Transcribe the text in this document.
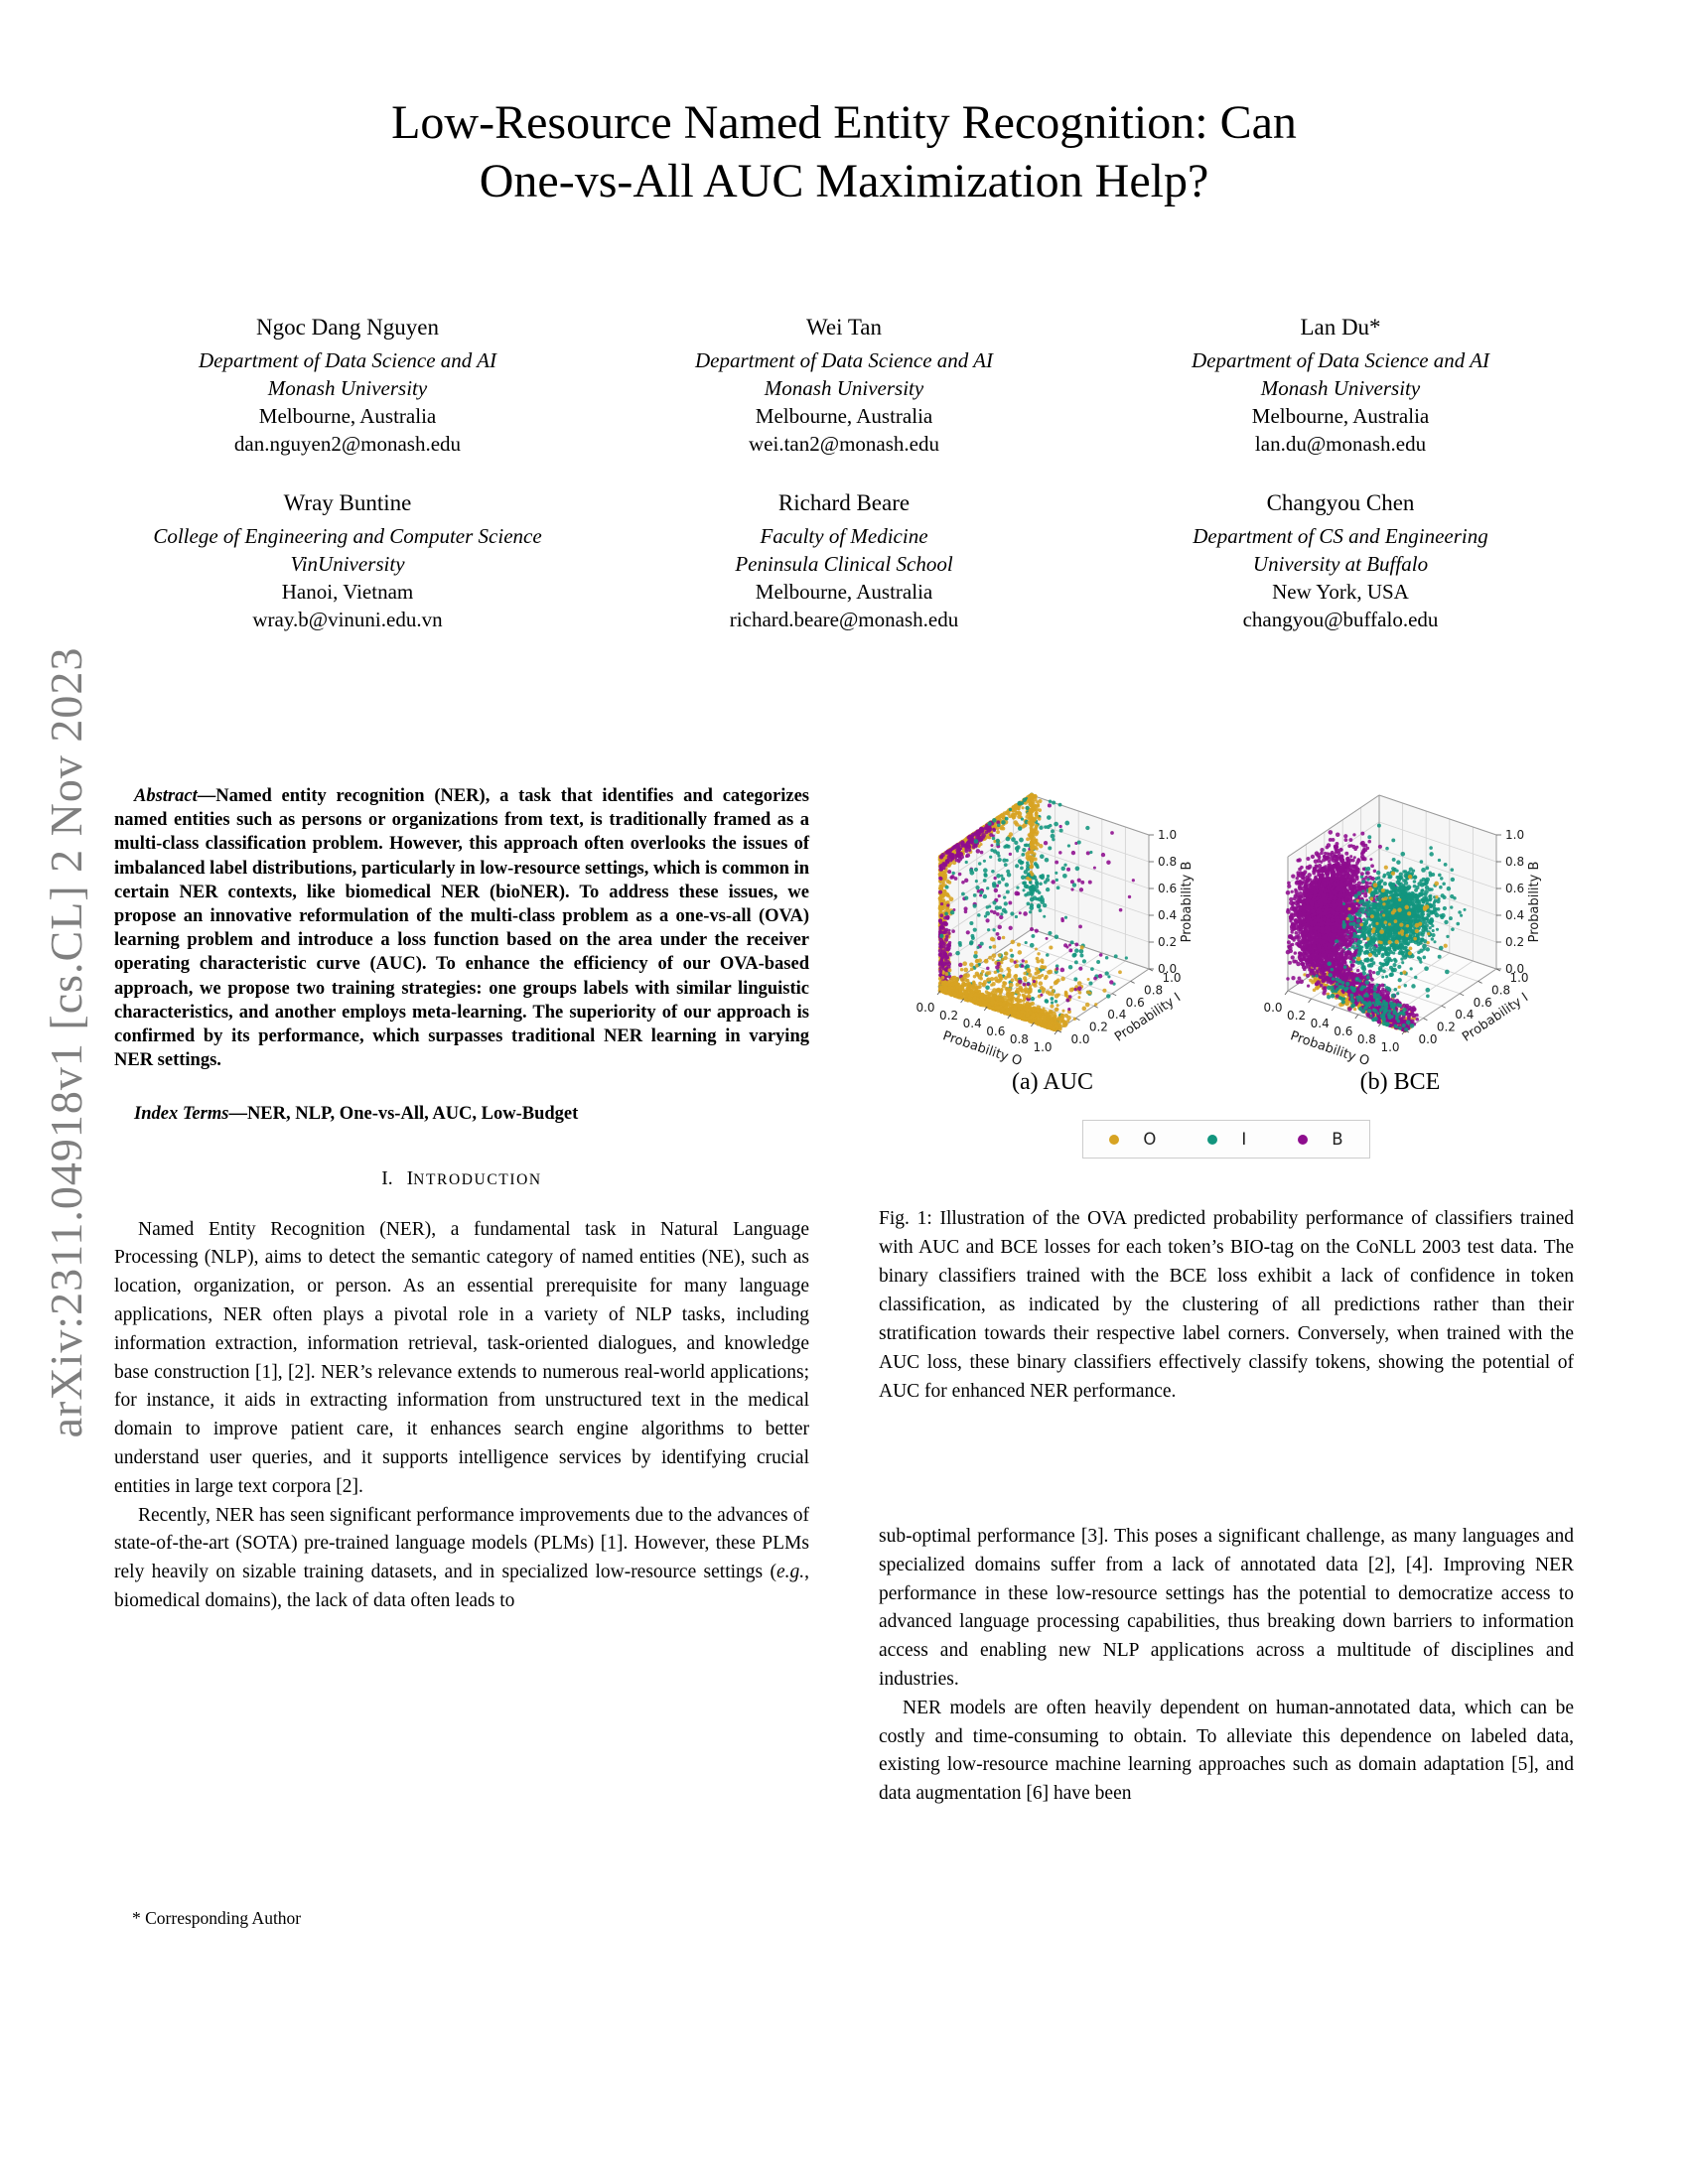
arXiv:2311.04918v1 [cs.CL] 2 Nov 2023
Low-Resource Named Entity Recognition: Can
One-vs-All AUC Maximization Help?
Ngoc Dang Nguyen
Department of Data Science and AI
Monash University
Melbourne, Australia
dan.nguyen2@monash.edu
Wei Tan
Department of Data Science and AI
Monash University
Melbourne, Australia
wei.tan2@monash.edu
Lan Du*
Department of Data Science and AI
Monash University
Melbourne, Australia
lan.du@monash.edu
Wray Buntine
College of Engineering and Computer Science
VinUniversity
Hanoi, Vietnam
wray.b@vinuni.edu.vn
Richard Beare
Faculty of Medicine
Peninsula Clinical School
Melbourne, Australia
richard.beare@monash.edu
Changyou Chen
Department of CS and Engineering
University at Buffalo
New York, USA
changyou@buffalo.edu

Abstract—Named entity recognition (NER), a task that identifies and categorizes named entities such as persons or organizations from text, is traditionally framed as a multi-class classification problem. However, this approach often overlooks the issues of imbalanced label distributions, particularly in low-resource settings, which is common in certain NER contexts, like biomedical NER (bioNER). To address these issues, we propose an innovative reformulation of the multi-class problem as a one-vs-all (OVA) learning problem and introduce a loss function based on the area under the receiver operating characteristic curve (AUC). To enhance the efficiency of our OVA-based approach, we propose two training strategies: one groups labels with similar linguistic characteristics, and another employs meta-learning. The superiority of our approach is confirmed by its performance, which surpasses traditional NER learning in varying NER settings.

Index Terms—NER, NLP, One-vs-All, AUC, Low-Budget

I. INTRODUCTION

Named Entity Recognition (NER), a fundamental task in Natural Language Processing (NLP), aims to detect the semantic category of named entities (NE), such as location, organization, or person. As an essential prerequisite for many language applications, NER often plays a pivotal role in a variety of NLP tasks, including information extraction, information retrieval, task-oriented dialogues, and knowledge base construction [1], [2]. NER’s relevance extends to numerous real-world applications; for instance, it aids in extracting information from unstructured text in the medical domain to improve patient care, it enhances search engine algorithms to better understand user queries, and it supports intelligence services by identifying crucial entities in large text corpora [2].

Recently, NER has seen significant performance improvements due to the advances of state-of-the-art (SOTA) pre-trained language models (PLMs) [1]. However, these PLMs rely heavily on sizable training datasets, and in specialized low-resource settings (e.g., biomedical domains), the lack of data often leads to

(a) AUC	(b) BCE
O	I	B

Fig. 1: Illustration of the OVA predicted probability performance of classifiers trained with AUC and BCE losses for each token’s BIO-tag on the CoNLL 2003 test data. The binary classifiers trained with the BCE loss exhibit a lack of confidence in token classification, as indicated by the clustering of all predictions rather than their stratification towards their respective label corners. Conversely, when trained with the AUC loss, these binary classifiers effectively classify tokens, showing the potential of AUC for enhanced NER performance.

sub-optimal performance [3]. This poses a significant challenge, as many languages and specialized domains suffer from a lack of annotated data [2], [4]. Improving NER performance in these low-resource settings has the potential to democratize access to advanced language processing capabilities, thus breaking down barriers to information access and enabling new NLP applications across a multitude of disciplines and industries.

NER models are often heavily dependent on human-annotated data, which can be costly and time-consuming to obtain. To alleviate this dependence on labeled data, existing low-resource machine learning approaches such as domain adaptation [5], and data augmentation [6] have been

* Corresponding Author
